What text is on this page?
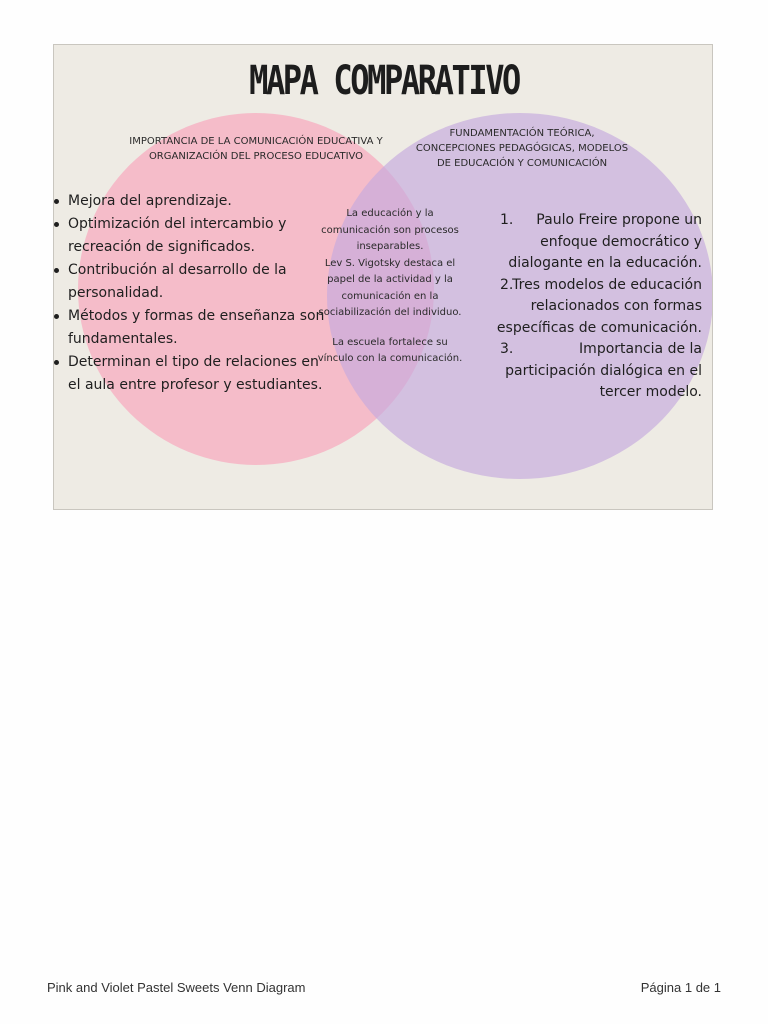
MAPA COMPARATIVO
IMPORTANCIA DE LA COMUNICACIÓN EDUCATIVA Y
ORGANIZACIÓN DEL PROCESO EDUCATIVO
FUNDAMENTACIÓN TEÓRICA,
CONCEPCIONES PEDAGÓGICAS, MODELOS
DE EDUCACIÓN Y COMUNICACIÓN
Mejora del aprendizaje.
Optimización del intercambio y recreación de significados.
Contribución al desarrollo de la personalidad.
Métodos y formas de enseñanza son fundamentales.
Determinan el tipo de relaciones en el aula entre profesor y estudiantes.

La educación y la comunicación son procesos inseparables.

Lev S. Vigotsky destaca el papel de la actividad y la comunicación en la sociabilización del individuo.

La escuela fortalece su vínculo con la comunicación.

1. Paulo Freire propone un enfoque democrático y dialogante en la educación.
2.
Tres modelos de educación relacionados con formas específicas de comunicación.
3.	Importancia de la participación dialógica en el tercer modelo.

Pink and Violet Pastel Sweets Venn Diagram	Página 1 de 1
